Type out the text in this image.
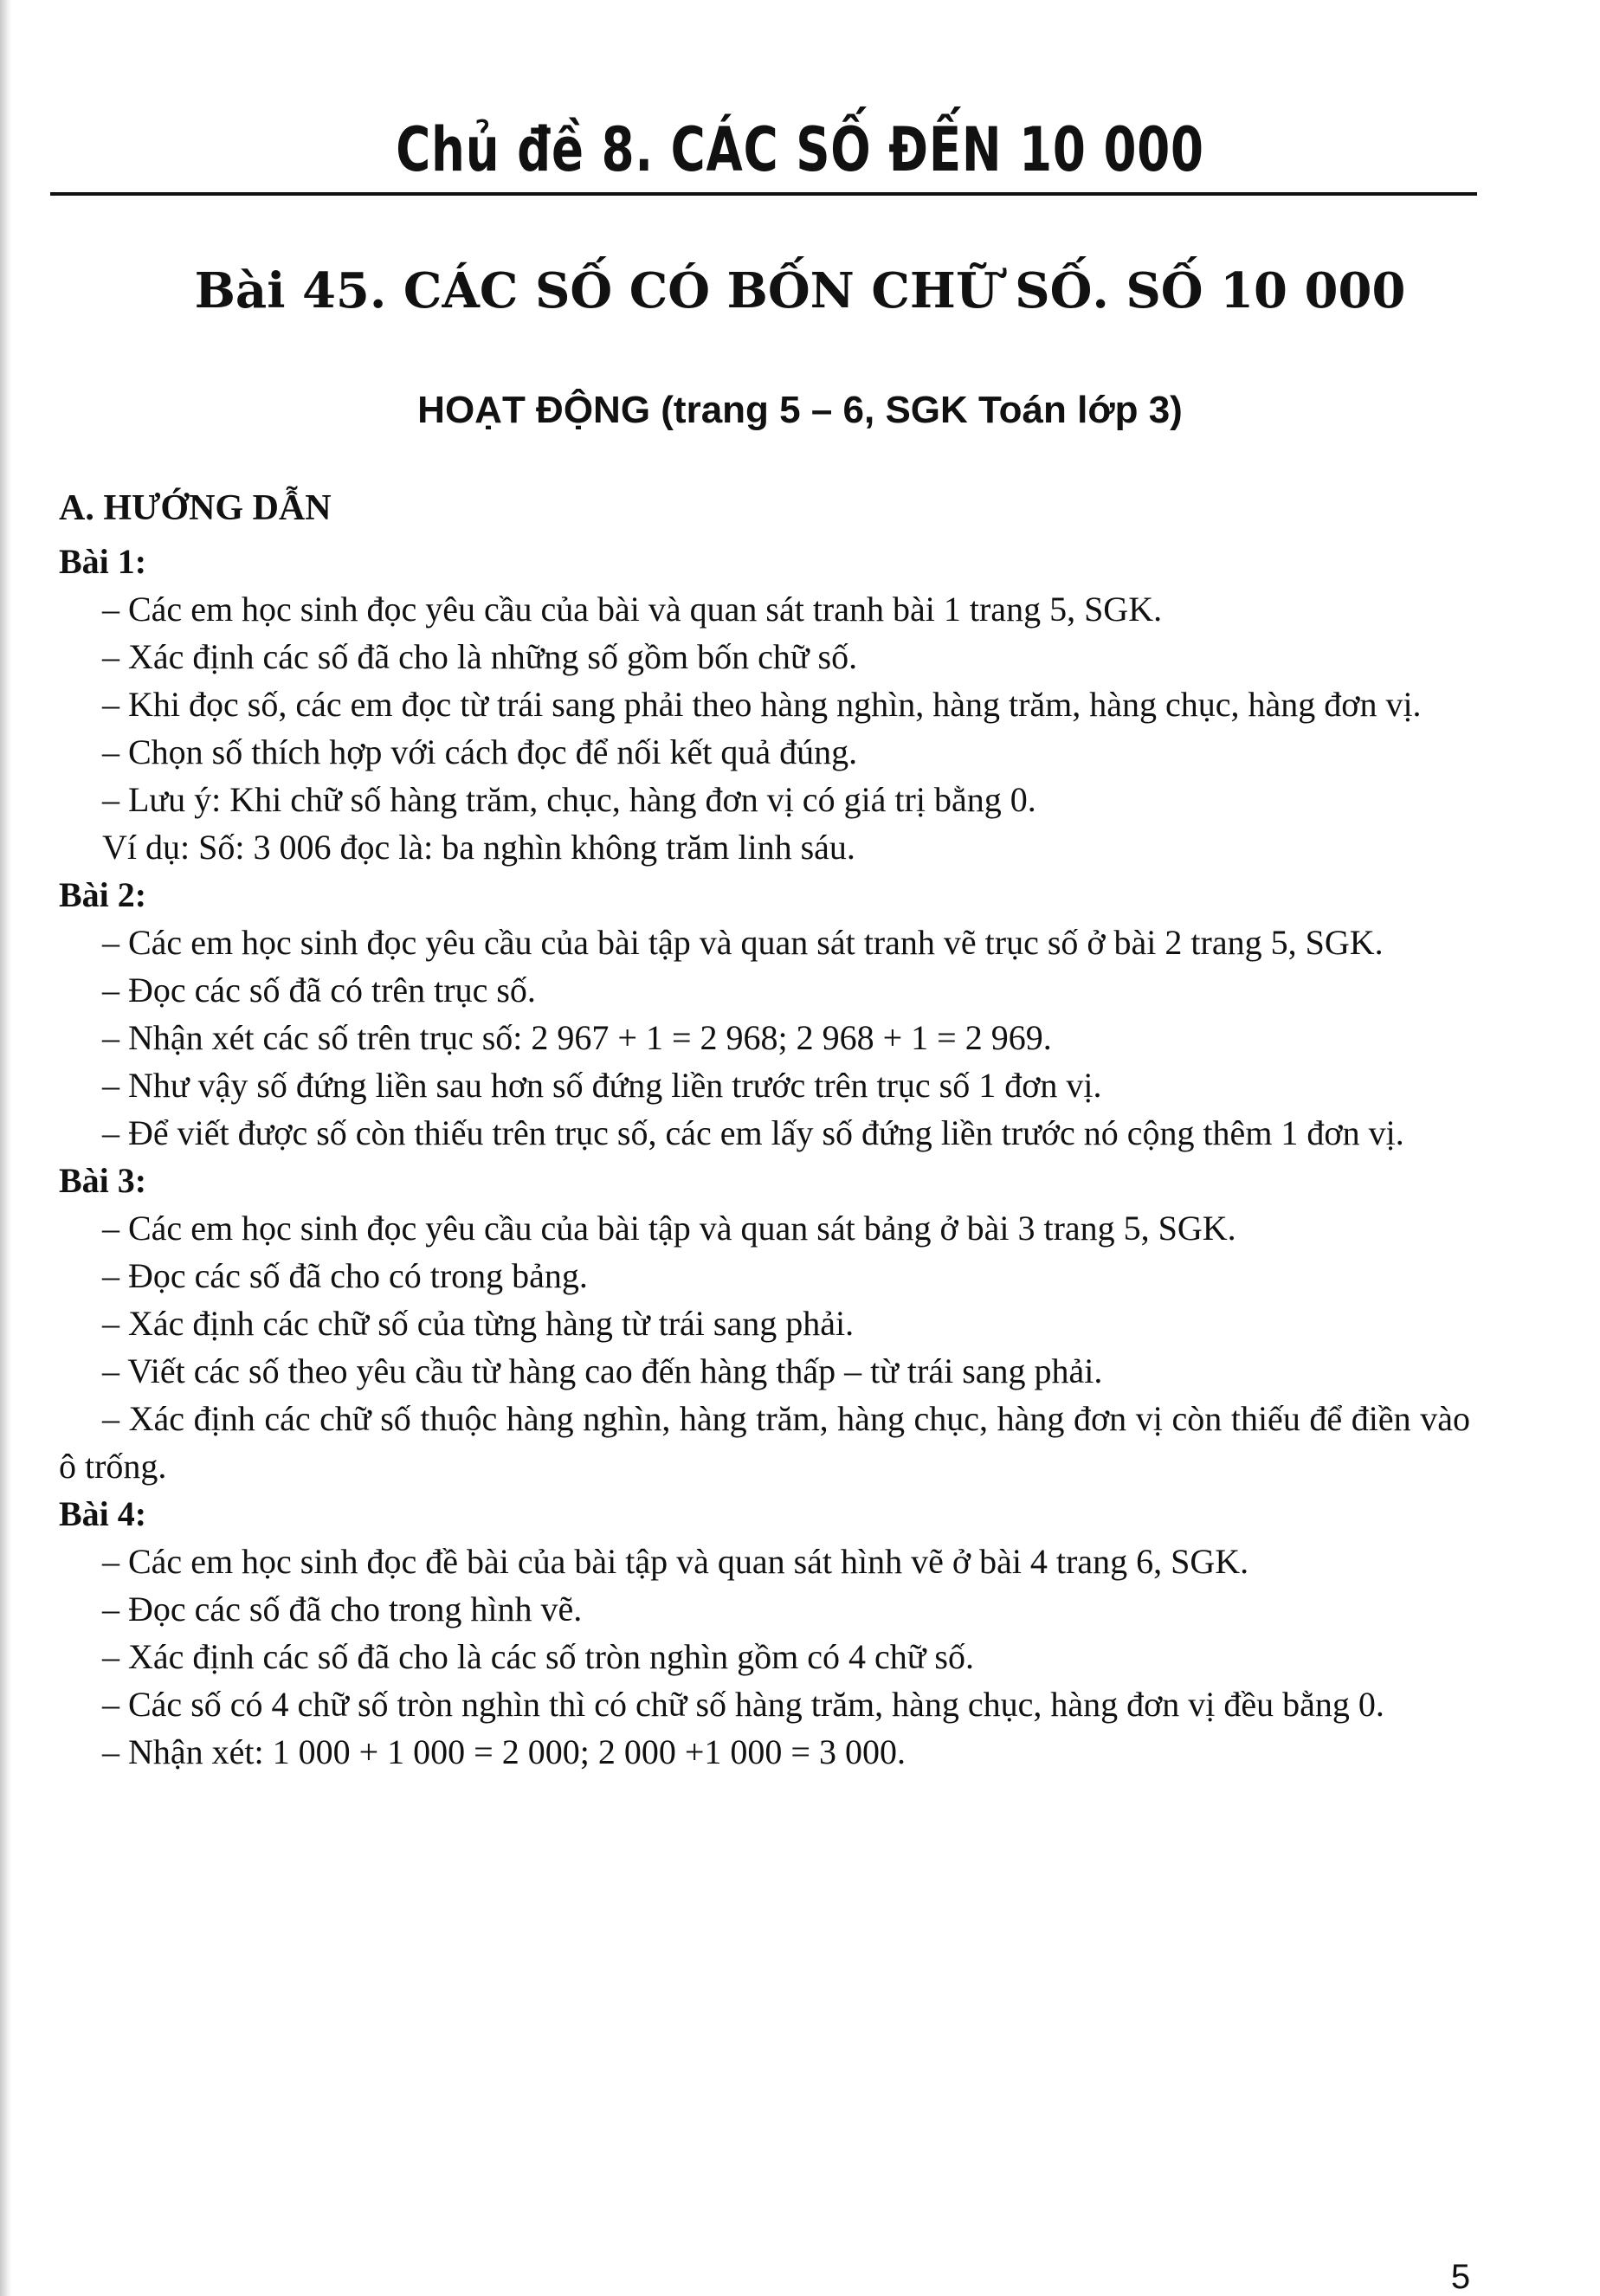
Chủ đề 8. CÁC SỐ ĐẾN 10 000
Bài 45. CÁC SỐ CÓ BỐN CHỮ SỐ. SỐ 10 000
HOẠT ĐỘNG (trang 5 – 6, SGK Toán lớp 3)
A. HƯỚNG DẪN
Bài 1:
– Các em học sinh đọc yêu cầu của bài và quan sát tranh bài 1 trang 5, SGK.
– Xác định các số đã cho là những số gồm bốn chữ số.
– Khi đọc số, các em đọc từ trái sang phải theo hàng nghìn, hàng trăm, hàng chục, hàng đơn vị.
– Chọn số thích hợp với cách đọc để nối kết quả đúng.
– Lưu ý: Khi chữ số hàng trăm, chục, hàng đơn vị có giá trị bằng 0.
Ví dụ: Số: 3 006 đọc là: ba nghìn không trăm linh sáu.
Bài 2:
– Các em học sinh đọc yêu cầu của bài tập và quan sát tranh vẽ trục số ở bài 2 trang 5, SGK.
– Đọc các số đã có trên trục số.
– Nhận xét các số trên trục số: 2 967 + 1 = 2 968; 2 968 + 1 = 2 969.
– Như vậy số đứng liền sau hơn số đứng liền trước trên trục số 1 đơn vị.
– Để viết được số còn thiếu trên trục số, các em lấy số đứng liền trước nó cộng thêm 1 đơn vị.
Bài 3:
– Các em học sinh đọc yêu cầu của bài tập và quan sát bảng ở bài 3 trang 5, SGK.
– Đọc các số đã cho có trong bảng.
– Xác định các chữ số của từng hàng từ trái sang phải.
– Viết các số theo yêu cầu từ hàng cao đến hàng thấp – từ trái sang phải.
– Xác định các chữ số thuộc hàng nghìn, hàng trăm, hàng chục, hàng đơn vị còn thiếu để điền vào ô trống.
Bài 4:
– Các em học sinh đọc đề bài của bài tập và quan sát hình vẽ ở bài 4 trang 6, SGK.
– Đọc các số đã cho trong hình vẽ.
– Xác định các số đã cho là các số tròn nghìn gồm có 4 chữ số.
– Các số có 4 chữ số tròn nghìn thì có chữ số hàng trăm, hàng chục, hàng đơn vị đều bằng 0.
– Nhận xét: 1 000 + 1 000 = 2 000; 2 000 +1 000 = 3 000.
5
